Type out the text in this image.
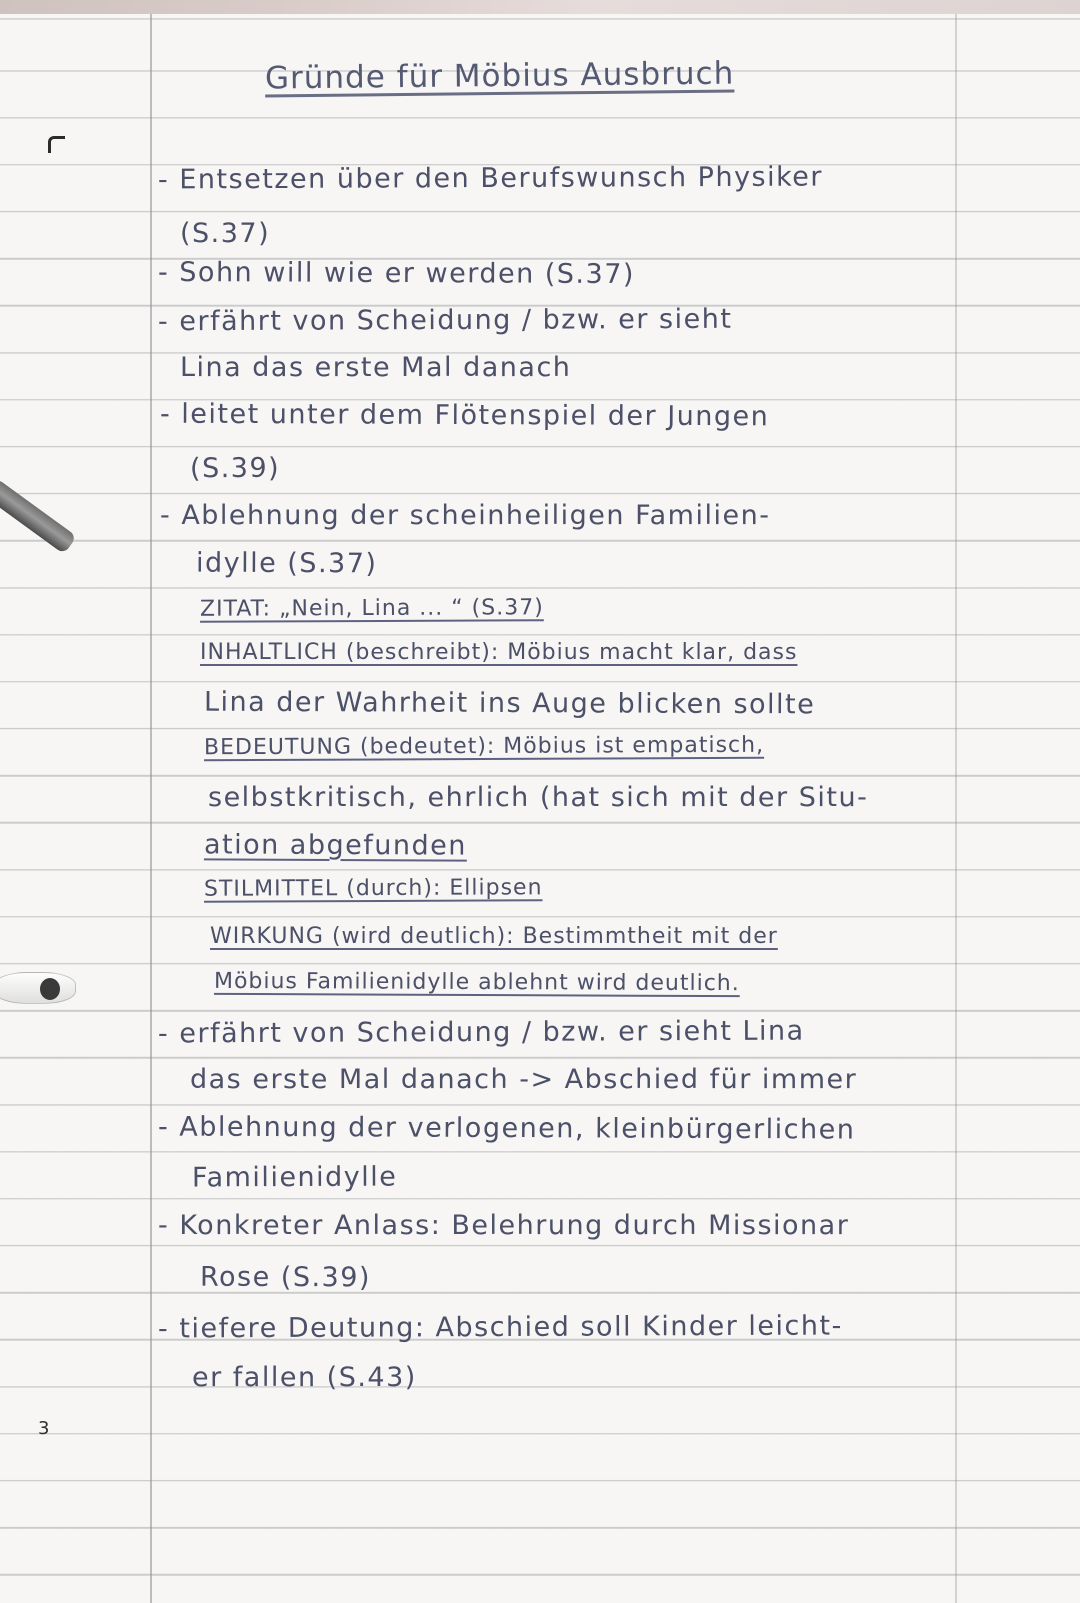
Gründe für Möbius Ausbruch
- Entsetzen über den Berufswunsch Physiker
(S.37)
- Sohn will wie er werden (S.37)
- erfährt von Scheidung / bzw. er sieht
Lina das erste Mal danach
- leitet unter dem Flötenspiel der Jungen
(S.39)
- Ablehnung der scheinheiligen Familien-
idylle (S.37)
ZITAT: „Nein, Lina ... “ (S.37)
INHALTLICH (beschreibt): Möbius macht klar, dass
Lina der Wahrheit ins Auge blicken sollte
BEDEUTUNG (bedeutet): Möbius ist empatisch,
selbstkritisch, ehrlich (hat sich mit der Situ-
ation abgefunden
STILMITTEL (durch): Ellipsen
WIRKUNG (wird deutlich): Bestimmtheit mit der
Möbius Familienidylle ablehnt wird deutlich.
- erfährt von Scheidung / bzw. er sieht Lina
das erste Mal danach -> Abschied für immer
- Ablehnung der verlogenen, kleinbürgerlichen
Familienidylle
- Konkreter Anlass: Belehrung durch Missionar
Rose (S.39)
- tiefere Deutung: Abschied soll Kinder leicht-
er fallen (S.43)
3
